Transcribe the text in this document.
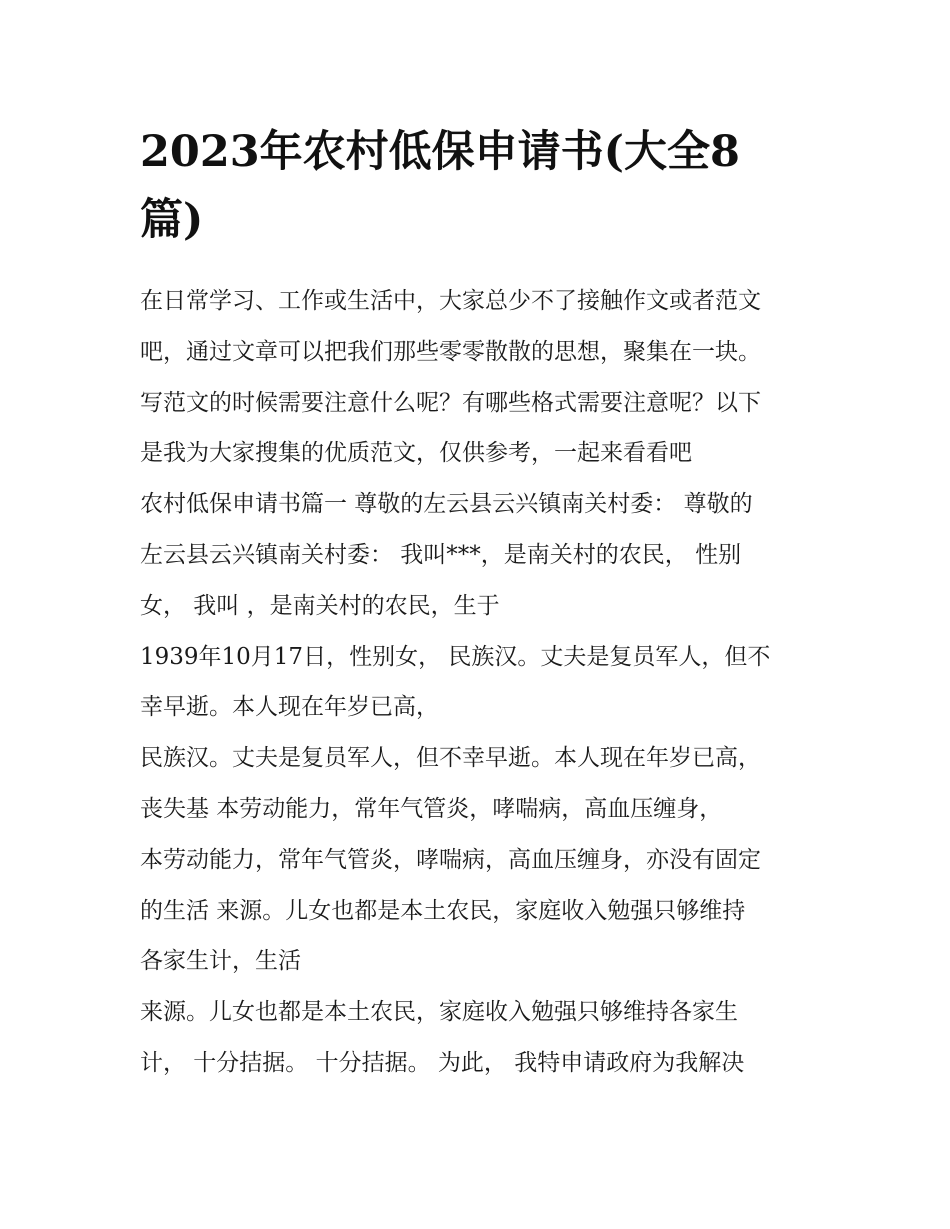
2023年农村低保申请书(大全8
篇)
在日常学习、工作或生活中，大家总少不了接触作文或者范文
吧，通过文章可以把我们那些零零散散的思想，聚集在一块。
写范文的时候需要注意什么呢？有哪些格式需要注意呢？以下
是我为大家搜集的优质范文，仅供参考，一起来看看吧
农村低保申请书篇一 尊敬的左云县云兴镇南关村委： 尊敬的
左云县云兴镇南关村委： 我叫***，是南关村的农民， 性别
女， 我叫 ，是南关村的农民，生于
1939年10月17日，性别女， 民族汉。丈夫是复员军人，但不
幸早逝。本人现在年岁已高，
民族汉。丈夫是复员军人，但不幸早逝。本人现在年岁已高，
丧失基 本劳动能力，常年气管炎，哮喘病，高血压缠身，
本劳动能力，常年气管炎，哮喘病，高血压缠身，亦没有固定
的生活 来源。儿女也都是本土农民，家庭收入勉强只够维持
各家生计，生活
来源。儿女也都是本土农民，家庭收入勉强只够维持各家生
计， 十分拮据。 十分拮据。 为此， 我特申请政府为我解决
